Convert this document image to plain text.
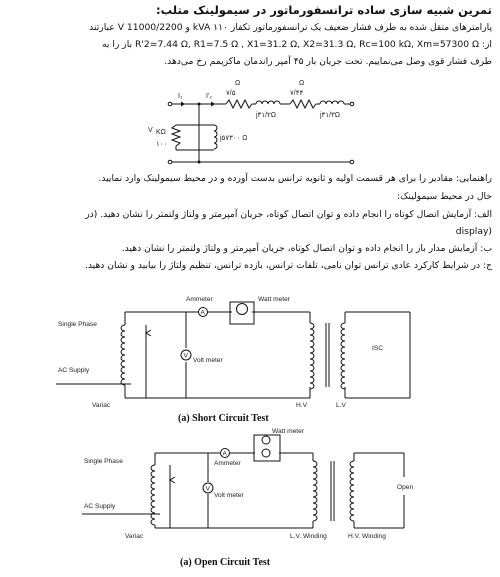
تمرین شبیه سازی ساده ترانسفورماتور در سیمولینک متلب:
پارامترهای متقل شده به طرف فشار ضعیف یک ترانسفورماتور تکفاز ۱۱۰ kVA و 11000/2200 V عبارتند
از: R'2=7.44 Ω, R1=7.5 Ω , X1=31.2 Ω, X2=31.3 Ω, Rc=100 kΩ, Xm=57300 Ω بار را به
طرف فشار قوی وصل می‌نماییم. تحت جریان بار ۴۵ آمپر راندمان ماکزیمم رخ می‌دهد.
I₁	I'₂
Ω
۷/۵
Ω
۷/۴۴
j۳۱/۲Ω	j۳۱/۳Ω
V KΩ
۱۰۰
j۵۷۳۰۰ Ω
راهنمایی: مقادیر را برای هر قسمت اولیه و ثانویه ترانس بدست آورده و در محیط سیمولینک وارد نمایید.
حال در محیط سیمولینک:
الف: آزمایش اتصال کوتاه را انجام داده و توان اتصال کوتاه، جریان آمپرمتر و ولتاژ ولتمتر را نشان دهید. (در
display)
ب: آزمایش مدار باز را انجام داده و توان اتصال کوتاه، جریان آمپرمتر و ولتاژ ولتمتر را نشان دهید.
ج: در شرایط کارکرد عادی ترانس توان نامی، تلفات ترانس، بازده ترانس، تنظیم ولتاژ را بیابید و نشان دهید.
A
V
Ammeter	Watt meter
Single Phase
AC Supply
Volt meter
Variac
ISC
H.V	L.V
(a) Short Circuit Test
A
V
Watt meter
Ammeter
Single Phase
AC Supply
Volt meter
Open
Variac	L.V. Winding	H.V. Winding
(a) Open Circuit Test
